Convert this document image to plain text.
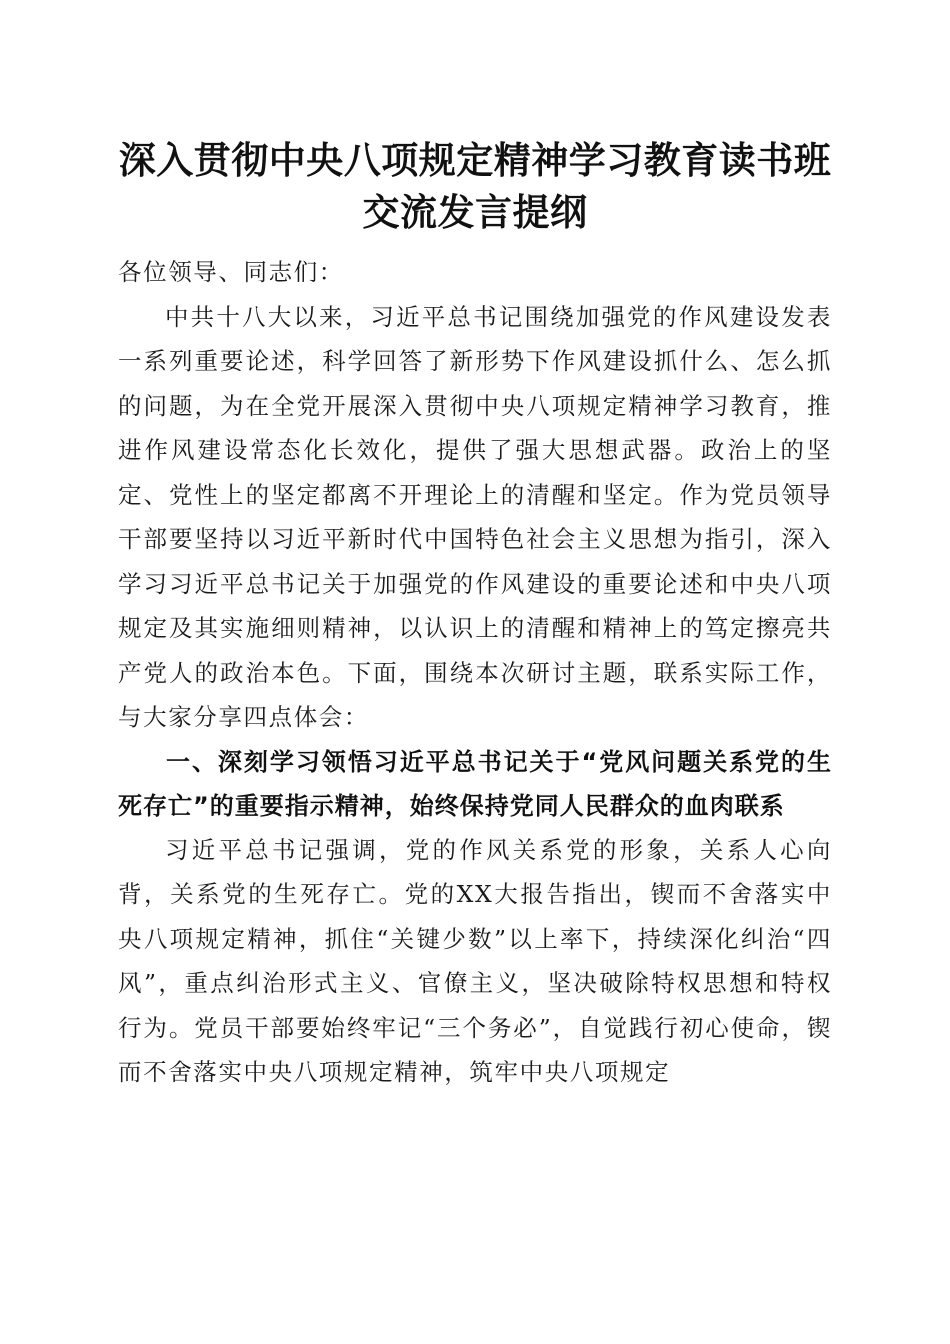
深入贯彻中央八项规定精神学习教育读书班交流发言提纲

各位领导、同志们：

中共十八大以来，习近平总书记围绕加强党的作风建设发表一系列重要论述，科学回答了新形势下作风建设抓什么、怎么抓的问题，为在全党开展深入贯彻中央八项规定精神学习教育，推进作风建设常态化长效化，提供了强大思想武器。政治上的坚定、党性上的坚定都离不开理论上的清醒和坚定。作为党员领导干部要坚持以习近平新时代中国特色社会主义思想为指引，深入学习习近平总书记关于加强党的作风建设的重要论述和中央八项规定及其实施细则精神，以认识上的清醒和精神上的笃定擦亮共产党人的政治本色。下面，围绕本次研讨主题，联系实际工作，与大家分享四点体会：

一、深刻学习领悟习近平总书记关于“党风问题关系党的生死存亡”的重要指示精神，始终保持党同人民群众的血肉联系

习近平总书记强调，党的作风关系党的形象，关系人心向背，关系党的生死存亡。党的XX大报告指出，锲而不舍落实中央八项规定精神，抓住“关键少数”以上率下，持续深化纠治“四风”，重点纠治形式主义、官僚主义，坚决破除特权思想和特权行为。党员干部要始终牢记“三个务必”，自觉践行初心使命，锲而不舍落实中央八项规定精神，筑牢中央八项规定
